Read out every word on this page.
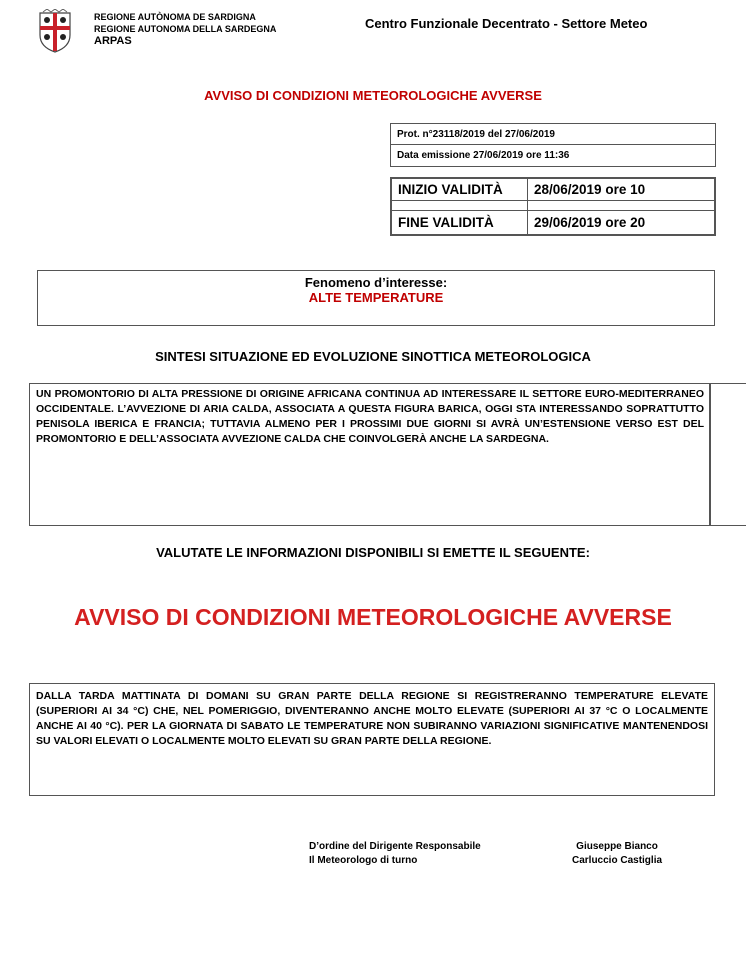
REGIONE AUTÒNOMA DE SARDIGNA
REGIONE AUTONOMA DELLA SARDEGNA
ARPAS
Centro Funzionale Decentrato - Settore Meteo
AVVISO DI CONDIZIONI METEOROLOGICHE AVVERSE
Prot. n°23118/2019 del 27/06/2019
Data emissione 27/06/2019 ore 11:36
INIZIO VALIDITÀ	28/06/2019 ore 10

FINE VALIDITÀ	29/06/2019 ore 20
Fenomeno d’interesse:
ALTE TEMPERATURE
SINTESI SITUAZIONE ED EVOLUZIONE SINOTTICA METEOROLOGICA
UN PROMONTORIO DI ALTA PRESSIONE DI ORIGINE AFRICANA CONTINUA AD INTERESSARE IL SETTORE EURO-MEDITERRANEO OCCIDENTALE. L’AVVEZIONE DI ARIA CALDA, ASSOCIATA A QUESTA FIGURA BARICA, OGGI STA INTERESSANDO SOPRATTUTTO PENISOLA IBERICA E FRANCIA; TUTTAVIA ALMENO PER I PROSSIMI DUE GIORNI SI AVRÀ UN’ESTENSIONE VERSO EST DEL PROMONTORIO E DELL’ASSOCIATA AVVEZIONE CALDA CHE COINVOLGERÀ ANCHE LA SARDEGNA.
VALUTATE LE INFORMAZIONI DISPONIBILI SI EMETTE IL SEGUENTE:
AVVISO DI CONDIZIONI METEOROLOGICHE AVVERSE
DALLA TARDA MATTINATA DI DOMANI SU GRAN PARTE DELLA REGIONE SI REGISTRERANNO TEMPERATURE ELEVATE (SUPERIORI AI 34 °C) CHE, NEL POMERIGGIO, DIVENTERANNO ANCHE MOLTO ELEVATE (SUPERIORI AI 37 °C O LOCALMENTE ANCHE AI 40 °C). PER LA GIORNATA DI SABATO LE TEMPERATURE NON SUBIRANNO VARIAZIONI SIGNIFICATIVE MANTENENDOSI SU VALORI ELEVATI O LOCALMENTE MOLTO ELEVATI SU GRAN PARTE DELLA REGIONE.
D’ordine del Dirigente Responsabile
Il Meteorologo di turno
Giuseppe Bianco
Carluccio Castiglia
